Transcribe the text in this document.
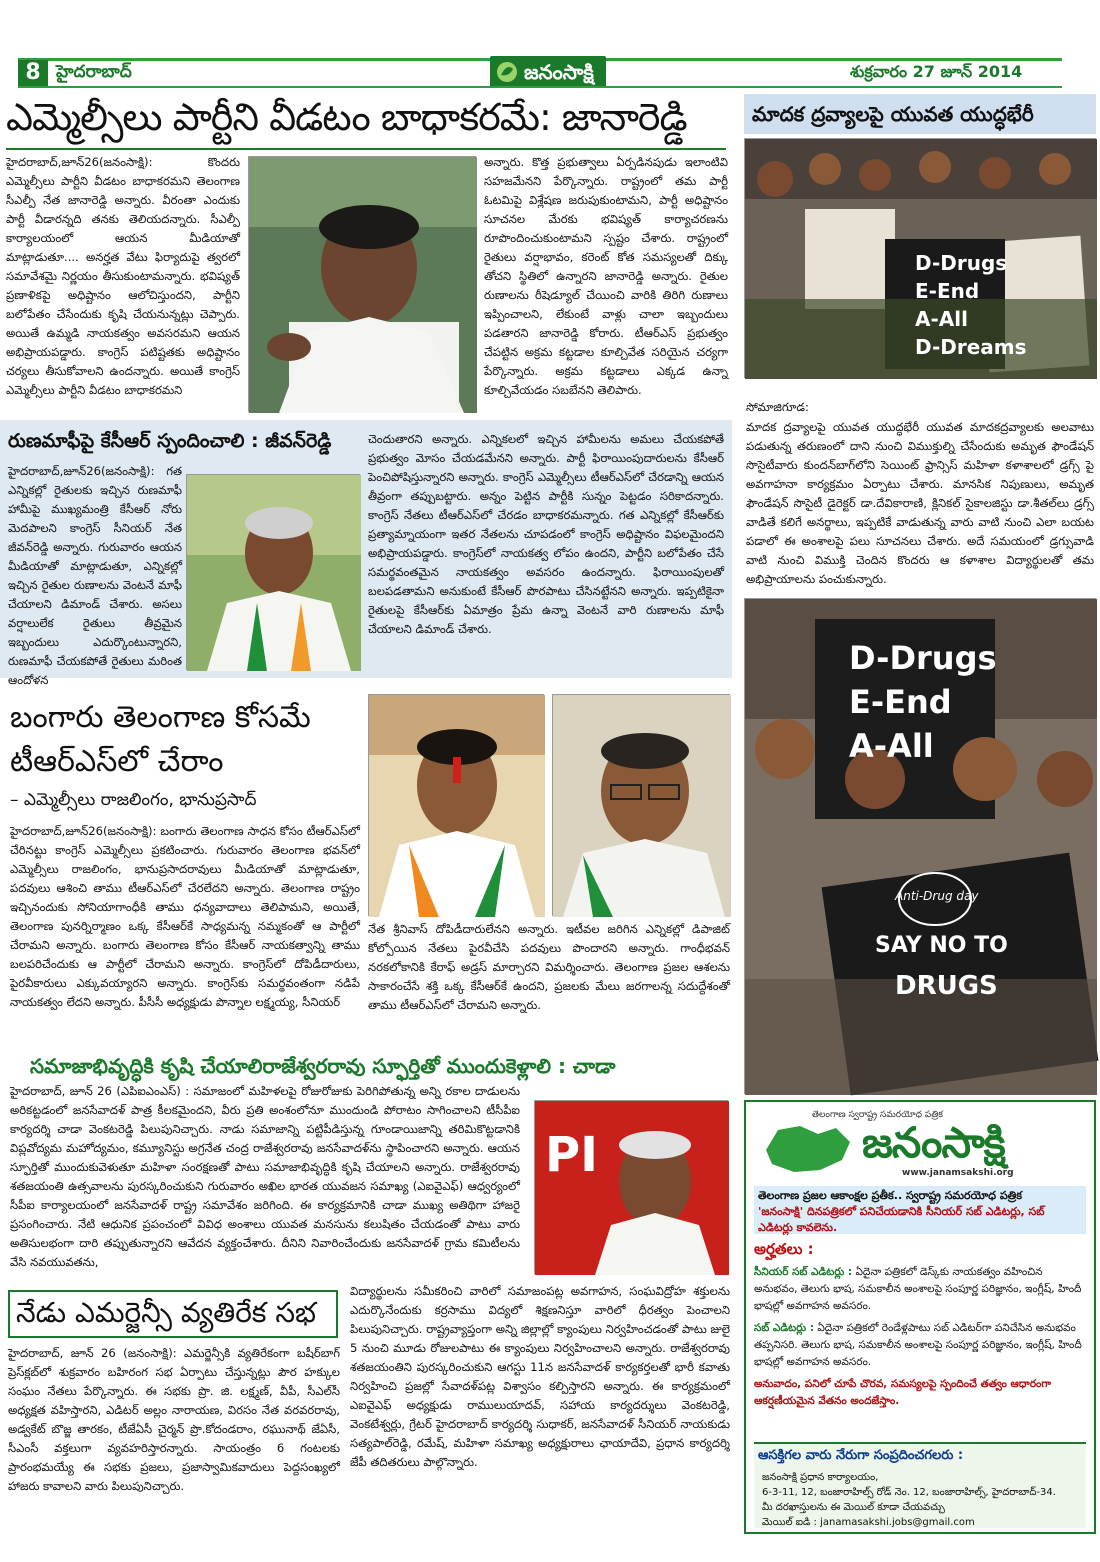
8 హైదరాబాద్	జనంసాక్షి	శుక్రవారం 27 జూన్ 2014
ఎమ్మెల్సీలు పార్టీని వీడటం బాధాకరమే: జానారెడ్డి
హైదరాబాద్,జూన్26(జనంసాక్షి): కొందరు ఎమ్మెల్సీలు పార్టీని వీడటం బాధాకరమని తెలంగాణ సీఎల్పీ నేత జానారెడ్డి అన్నారు. వీరంతా ఎందుకు పార్టీ వీడారన్నది తనకు తెలియదన్నారు. సీఎల్పీ కార్యాలయంలో ఆయన మీడియాతో మాట్లాడుతూ.... అనర్హత వేటు ఫిర్యాదుపై త్వరలో సమావేశమై నిర్ణయం తీసుకుంటామన్నారు. భవిష్యత్ ప్రణాళికపై అధిష్టానం ఆలోచిస్తుందని, పార్టీని బలోపేతం చేసేందుకు కృషి చేయనున్నట్లు చెప్పారు. అయితే ఉమ్మడి నాయకత్వం అవసరమని ఆయన అభిప్రాయపడ్డారు. కాంగ్రెస్ పటిష్టతకు అధిష్టానం చర్యలు తీసుకోవాలని ఉందన్నారు. అయితే కాంగ్రెస్ ఎమ్మెల్సీలు పార్టీని వీడటం బాధాకరమని
అన్నారు. కొత్త ప్రభుత్వాలు ఏర్పడినపుడు ఇలాంటివి సహజమేనని పేర్కొన్నారు. రాష్ట్రంలో తమ పార్టీ ఓటమిపై విశ్లేషణ జరుపుకుంటామని, పార్టీ అధిష్టానం సూచనల మేరకు భవిష్యత్ కార్యాచరణను రూపొందించుకుంటామని స్పష్టం చేశారు. రాష్ట్రంలో రైతులు వర్షాభావం, కరెంట్ కోత సమస్యలతో దిక్కు తోచని స్థితిలో ఉన్నారని జానారెడ్డి అన్నారు. రైతుల రుణాలను రీషెడ్యూల్ చేయించి వారికి తిరిగి రుణాలు ఇప్పించాలని, లేకుంటే వాళ్లు చాలా ఇబ్బందులు పడతారని జానారెడ్డి కోరారు. టీఆర్ఎస్ ప్రభుత్వం చేపట్టిన అక్రమ కట్టడాల కూల్చివేత సరియైన చర్యగా పేర్కొన్నారు. అక్రమ కట్టడాలు ఎక్కడ ఉన్నా కూల్చివేయడం సబబేనని తెలిపారు.
రుణమాఫీపై కేసీఆర్ స్పందించాలి : జీవన్‌రెడ్డి
హైదరాబాద్,జూన్26(జనంసాక్షి): గత ఎన్నికల్లో రైతులకు ఇచ్చిన రుణమాఫీ హామీపై ముఖ్యమంత్రి కేసీఆర్ నోరు మెదపాలని కాంగ్రెస్ సీనియర్ నేత జీవన్‌రెడ్డి అన్నారు. గురువారం ఆయన మీడియాతో మాట్లాడుతూ, ఎన్నికల్లో ఇచ్చిన రైతుల రుణాలను వెంటనే మాఫీ చేయాలని డిమాండ్ చేశారు. అసలు వర్షాలులేక రైతులు తీవ్రమైన ఇబ్బందులు ఎదుర్కొంటున్నారని, రుణమాఫీ చేయకపోతే రైతులు మరింత ఆందోళన
చెందుతారని అన్నారు. ఎన్నికలలో ఇచ్చిన హామీలను అమలు చేయకపోతే ప్రభుత్వం మోసం చేయడమేనని అన్నారు. పార్టీ ఫిరాయింపుదారులను కేసీఆర్ పెంచిపోషిస్తున్నారని అన్నారు. కాంగ్రెస్ ఎమ్మెల్సీలు టీఆర్ఎస్‌లో చేరడాన్ని ఆయన తీవ్రంగా తప్పుబట్టారు. అన్నం పెట్టిన పార్టీకి సున్నం పెట్టడం సరికాదన్నారు. కాంగ్రెస్ నేతలు టీఆర్ఎస్‌లో చేరడం బాధాకరమన్నారు. గత ఎన్నికల్లో కేసీఆర్‌కు ప్రత్యామ్నాయంగా ఇతర నేతలను చూపడంలో కాంగ్రెస్ అధిష్టానం విఫలమైందని అభిప్రాయపడ్డారు. కాంగ్రెస్‌లో నాయకత్వ లోపం ఉందని, పార్టీని బలోపేతం చేసే సమర్థవంతమైన నాయకత్వం అవసరం ఉందన్నారు. ఫిరాయింపులతో బలపడతామని అనుకుంటే కేసీఆర్ పొరపాటు చేసినట్టేనని అన్నారు. ఇప్పటికైనా రైతులపై కేసీఆర్‌కు ఏమాత్రం ప్రేమ ఉన్నా వెంటనే వారి రుణాలను మాఫీ చేయాలని డిమాండ్ చేశారు.
బంగారు తెలంగాణ కోసమే
టీఆర్ఎస్‌లో చేరాం
– ఎమ్మెల్సీలు రాజలింగం, భానుప్రసాద్
హైదరాబాద్,జూన్26(జనంసాక్షి): బంగారు తెలంగాణ సాధన కోసం టీఆర్ఎస్‌లో చేరినట్టు కాంగ్రెస్ ఎమ్మెల్సీలు ప్రకటించారు. గురువారం తెలంగాణ భవన్‌లో ఎమ్మెల్సీలు రాజలింగం, భానుప్రసాదరావులు మీడియాతో మాట్లాడుతూ, పదవులు ఆశించి తాము టీఆర్ఎస్‌లో చేరలేదని అన్నారు. తెలంగాణ రాష్ట్రం ఇచ్చినందుకు సోనియాగాంధీకి తాము ధన్యవాదాలు తెలిపామని, అయితే, తెలంగాణ పునర్నిర్మాణం ఒక్క కేసీఆర్‌కే సాధ్యమన్న నమ్మకంతో ఆ పార్టీలో చేరామని అన్నారు. బంగారు తెలంగాణ కోసం కేసీఆర్ నాయకత్వాన్ని తాము బలపరిచేందుకు ఆ పార్టీలో చేరామని అన్నారు. కాంగ్రెస్‌లో దోపిడీదారులు, పైరవీకారులు ఎక్కువయ్యారని అన్నారు. కాంగ్రెస్‌కు సమర్థవంతంగా నడిపే నాయకత్వం లేదని అన్నారు. పీసీసీ అధ్యక్షుడు పొన్నాల లక్ష్మయ్య, సీనియర్
నేత శ్రీనివాస్ దోపిడీదారులేనని అన్నారు. ఇటీవల జరిగిన ఎన్నికల్లో డిపాజిట్ కోల్పోయిన నేతలు పైరవీచేసి పదవులు పొందారని అన్నారు. గాంధీభవన్ నరకలోకానికి కేరాఫ్ అడ్రస్ మార్చారని విమర్శించారు. తెలంగాణ ప్రజల ఆశలను సాకారంచేసే శక్తి ఒక్క కేసీఆర్‌కే ఉందని, ప్రజలకు మేలు జరగాలన్న సదుద్దేశంతో తాము టీఆర్ఎస్‌లో చేరామని అన్నారు.
సమాజాభివృద్ధికి కృషి చేయాలిరాజేశ్వరరావు స్ఫూర్తితో ముందుకెళ్లాలి : చాడా
హైదరాబాద్, జూన్ 26 (ఎపిఐఎంఎస్) : సమాజంలో మహిళలపై రోజురోజుకు పెరిగిపోతున్న అన్ని రకాల దాడులను అరికట్టడంలో జనసేవాదళ్ పాత్ర కీలకమైందని, వీరు ప్రతి అంశంలోనూ ముందుండి పోరాటం సాగించాలని టీసీపీఐ కార్యదర్శి చాడా వెంకటరెడ్డి పిలుపునిచ్చారు. నాడు సమాజాన్ని పట్టిపీడిస్తున్న గూండాయిజాన్ని తరిమికొట్టడానికి విప్లవోద్యమ మహోద్యమం, కమ్యూనిస్టు అగ్రనేత చంద్ర రాజేశ్వరరావు జనసేవాదళ్‌ను స్థాపించారని అన్నారు. ఆయన స్ఫూర్తితో ముందుకువెళుతూ మహిళా సంరక్షణతో పాటు సమాజాభివృద్ధికి కృషి చేయాలని అన్నారు. రాజేశ్వరరావు శతజయంతి ఉత్సవాలను పురస్కరించుకుని గురువారం అఖిల భారత యువజన సమాఖ్య (ఎఐవైఎఫ్) ఆధ్వర్యంలో సీపీఐ కార్యాలయంలో జనసేవాదళ్ రాష్ట్ర సమావేశం జరిగింది. ఈ కార్యక్రమానికి చాడా ముఖ్య అతిథిగా హాజరై ప్రసంగించారు. నేటి ఆధునిక ప్రపంచంలో వివిధ అంశాలు యువత మనసును కలుషితం చేయడంతో పాటు వారు అతిసులభంగా దారి తప్పుతున్నారని ఆవేదన వ్యక్తంచేశారు. దీనిని నివారించేందుకు జనసేవాదళ్ గ్రామ కమిటీలను వేసి నవయువతను,
PI
విద్యార్థులను సమీకరించి వారిలో సమాజంపట్ల అవగాహన, సంఘవిద్రోహ శక్తులను ఎదుర్కొనేందుకు కర్రసాము విద్యలో శిక్షణనిస్తూ వారిలో ధీరత్వం పెంచాలని పిలుపునిచ్చారు. రాష్ట్రవ్యాప్తంగా అన్ని జిల్లాల్లో క్యాంపులు నిర్వహించడంతో పాటు జులై 5 నుంచి మూడు రోజులపాటు ఈ క్యాంపులు నిర్వహించాలని అన్నారు. రాజేశ్వరరావు శతజయంతిని పురస్కరించుకుని ఆగస్టు 11న జనసేవాదళ్ కార్యకర్తలతో భారీ కవాతు నిర్వహించి ప్రజల్లో సేవాదళ్‌పట్ల విశ్వాసం కల్పిస్తారని అన్నారు. ఈ కార్యక్రమంలో ఎఐవైఎఫ్ అధ్యక్షుడు రాములుయాదవ్, సహాయ కార్యదర్శులు వెంకటరెడ్డి, వెంకటేశ్వర్లు, గ్రేటర్ హైదరాబాద్ కార్యదర్శి సుధాకర్, జనసేవాదళ్ సీనియర్ నాయకుడు సత్యపాల్‌రెడ్డి, రమేష్, మహిళా సమాఖ్య అధ్యక్షురాలు ఛాయాదేవి, ప్రధాన కార్యదర్శి జేపీ తదితరులు పాల్గొన్నారు.
నేడు ఎమర్జెన్సీ వ్యతిరేక సభ
హైదరాబాద్, జూన్ 26 (జనంసాక్షి): ఎమర్జెన్సీకి వ్యతిరేకంగా బషీర్‌బాగ్ ప్రెస్‌క్లబ్‌లో శుక్రవారం బహిరంగ సభ ఏర్పాటు చేస్తున్నట్లు పౌర హక్కుల సంఘం నేతలు పేర్కొన్నారు. ఈ సభకు ప్రొ. జి. లక్ష్మణ్, వీపీ, సీఎల్‌సీ అధ్యక్షత వహిస్తారని, ఎడిటర్ అల్లం నారాయణ, విరసం నేత వరవరరావు, అడ్వకేట్ బొజ్జ తారకం, టీజేఏసీ చైర్మన్ ప్రొ.కోదండరాం, రఘునాథ్ జేఏసీ, సీఎంసీ వక్తలుగా వ్యవహరిస్తారన్నారు. సాయంత్రం 6 గంటలకు ప్రారంభమయ్యే ఈ సభకు ప్రజలు, ప్రజాస్వామికవాదులు పెద్దసంఖ్యలో హాజరు కావాలని వారు పిలుపునిచ్చారు.
మాదక ద్రవ్యాలపై యువత యుద్ధభేరీ
D-Drugs
E-End
A-All
D-Dreams
సోమాజిగూడ:
మాదక ద్రవ్యాలపై యువత యుద్ధభేరీ యువత మాదకద్రవ్యాలకు అలవాటు పడుతున్న తరుణంలో దాని నుంచి విముక్తుల్ని చేసేందుకు అమృత ఫౌండేషన్ సొసైటీవారు కుందన్‌బాగ్‌లోని సెయింట్ ఫ్రాన్సిస్ మహిళా కళాశాలలో డ్రగ్స్ పై అవగాహనా కార్యక్రమం ఏర్పాటు చేశారు. మానసిక నిపుణులు, అమృత ఫౌండేషన్ సొసైటీ డైరెక్టర్ డా.దేవికారాణి, క్లినికల్ సైకాలజిస్టు డా.శీతల్‌లు డ్రగ్స్ వాడితే కలిగే అనర్థాలు, ఇప్పటికే వాడుతున్న వారు వాటి నుంచి ఎలా బయట పడాలో ఈ అంశాలపై పలు సూచనలు చేశారు. అదే సమయంలో డ్రగ్సువాడి వాటి నుంచి విముక్తి చెందిన కొందరు ఆ కళాశాల విద్యార్థులతో తమ అభిప్రాయాలను పంచుకున్నారు.
D-Drugs
E-End
A-All
Anti-Drug day
SAY NO TO
DRUGS
తెలంగాణ స్వరాష్ట్ర సమరయోధ పత్రిక
జనంసాక్షి
www.janamsakshi.org
తెలంగాణ ప్రజల ఆకాంక్షల ప్రతీక.. స్వరాష్ట్ర సమరయోధ పత్రిక
'జనంసాక్షి' దినపత్రికలో పనిచేయడానికి సీనియర్ సబ్ ఎడిటర్లు, సబ్ ఎడిటర్లు కావలెను.
అర్హతలు :
సీనియర్ సబ్ ఎడిటర్లు : ఏదైనా పత్రికలో డెస్క్‌కు నాయకత్వం వహించిన అనుభవం, తెలుగు భాష, సమకాలీన అంశాలపై సంపూర్ణ పరిజ్ఞానం, ఇంగ్లీష్, హిందీ భాషల్లో అవగాహన అవసరం.
సబ్ ఎడిటర్లు : ఏదైనా పత్రికలో రెండేళ్లపాటు సబ్ ఎడిటర్‌గా పనిచేసిన అనుభవం తప్పనిసరి. తెలుగు భాష, సమకాలీన అంశాలపై సంపూర్ణ పరిజ్ఞానం, ఇంగ్లీష్, హిందీ భాషల్లో అవగాహన అవసరం.
అనువాదం, పనిలో చూపే చొరవ, సమస్యలపై స్పందించే తత్వం ఆధారంగా ఆకర్షణీయమైన వేతనం అందజేస్తాం.
ఆసక్తిగల వారు నేరుగా సంప్రదించగలరు :
జనంసాక్షి ప్రధాన కార్యాలయం,
6-3-11, 12, బంజారాహిల్స్ రోడ్ నెం. 12, బంజారాహిల్స్, హైదరాబాద్-34.
మీ దరఖాస్తులను ఈ మెయిల్ కూడా చేయవచ్చు
మెయిల్ ఐడి : janamasakshi.jobs@gmail.com
